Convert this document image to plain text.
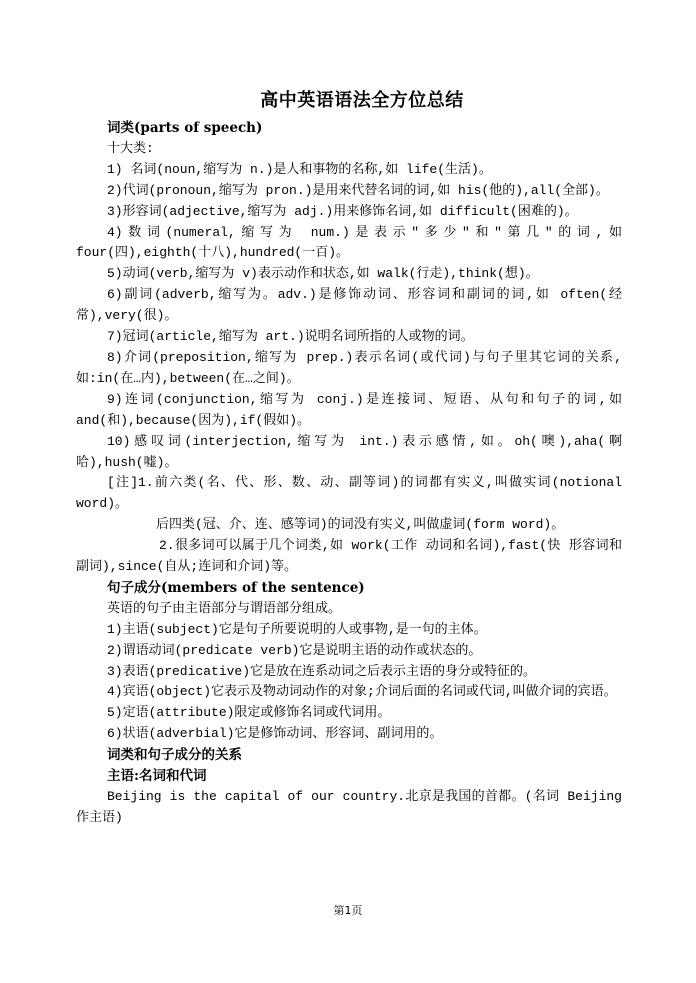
高中英语语法全方位总结

词类(parts of speech)

十大类:

1) 名词(noun,缩写为 n.)是人和事物的名称,如 life(生活)。

2)代词(pronoun,缩写为 pron.)是用来代替名词的词,如 his(他的),all(全部)。

3)形容词(adjective,缩写为 adj.)用来修饰名词,如 difficult(困难的)。

4)数词(numeral,缩写为 num.)是表示"多少"和"第几"的词,如 four(四),eighth(十八),hundred(一百)。

5)动词(verb,缩写为 v)表示动作和状态,如 walk(行走),think(想)。

6)副词(adverb,缩写为。adv.)是修饰动词、形容词和副词的词,如 often(经常),very(很)。

7)冠词(article,缩写为 art.)说明名词所指的人或物的词。

8)介词(preposition,缩写为 prep.)表示名词(或代词)与句子里其它词的关系,如:in(在…内),between(在…之间)。

9)连词(conjunction,缩写为 conj.)是连接词、短语、从句和句子的词,如 and(和),because(因为),if(假如)。

10)感叹词(interjection,缩写为 int.)表示感情,如。oh(噢),aha(啊哈),hush(嘘)。

[注]1.前六类(名、代、形、数、动、副等词)的词都有实义,叫做实词(notional word)。

后四类(冠、介、连、感等词)的词没有实义,叫做虚词(form word)。

2.很多词可以属于几个词类,如 work(工作 动词和名词),fast(快 形容词和副词),since(自从;连词和介词)等。

句子成分(members of the sentence)

英语的句子由主语部分与谓语部分组成。

1)主语(subject)它是句子所要说明的人或事物,是一句的主体。

2)谓语动词(predicate verb)它是说明主语的动作或状态的。

3)表语(predicative)它是放在连系动词之后表示主语的身分或特征的。

4)宾语(object)它表示及物动词动作的对象;介词后面的名词或代词,叫做介词的宾语。

5)定语(attribute)限定或修饰名词或代词用。

6)状语(adverbial)它是修饰动词、形容词、副词用的。

词类和句子成分的关系

主语:名词和代词

Beijing is the capital of our country.北京是我国的首都。(名词 Beijing 作主语)

第1页
